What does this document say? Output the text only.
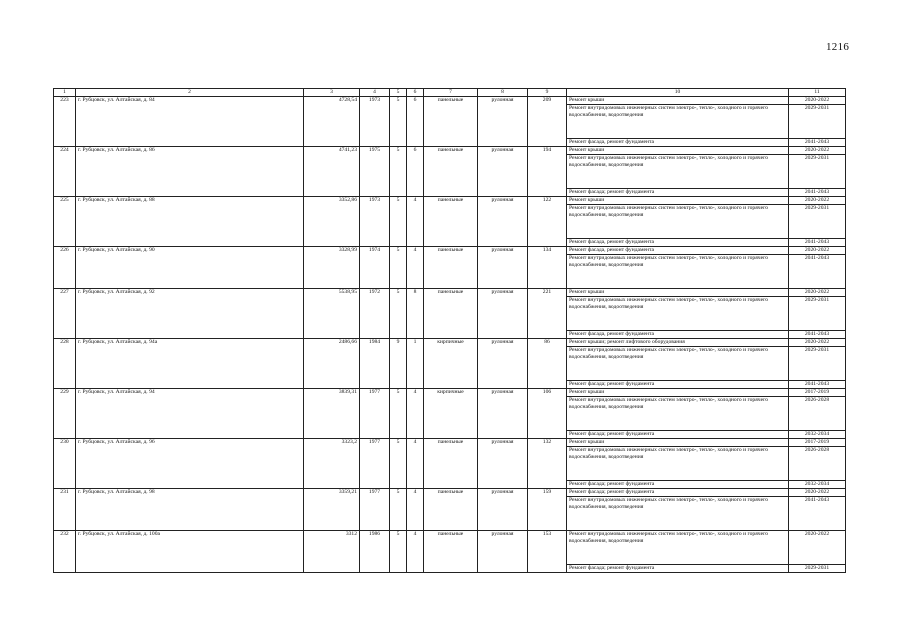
1216
1	2	3	4	5	6	7	8	9	10	11
223	г. Рубцовск, ул. Алтайская, д. 84	4728,54	1973	5	6	панельные	рулонная	209	Ремонт крыши	2020-2022
									Ремонт внутридомовых инженерных систем электро-, тепло-, холодного и горячего водоснабжения, водоотведения	2029-2031
									Ремонт фасада, ремонт фундамента	2041-2043
224	г. Рубцовск, ул. Алтайская, д. 86	4741,23	1975	5	6	панельные	рулонная	194	Ремонт крыши	2020-2022
									Ремонт внутридомовых инженерных систем электро-, тепло-, холодного и горячего водоснабжения, водоотведения	2029-2031
									Ремонт фасада; ремонт фундамента	2041-2043
225	г. Рубцовск, ул. Алтайская, д. 88	3352,86	1973	5	4	панельные	рулонная	122	Ремонт крыши	2020-2022
									Ремонт внутридомовых инженерных систем электро-, тепло-, холодного и горячего водоснабжения, водоотведения	2029-2031
									Ремонт фасада, ремонт фундамента	2041-2043
226	г. Рубцовск, ул. Алтайская, д. 90	3328,99	1974	5	4	панельные	рулонная	134	Ремонт фасада, ремонт фундамента	2020-2022
									Ремонт внутридомовых инженерных систем электро-, тепло-, холодного и горячего водоснабжения, водоотведения	2041-2043
227	г. Рубцовск, ул. Алтайская, д. 92	5538,95	1972	5	8	панельные	рулонная	221	Ремонт крыши	2020-2022
									Ремонт внутридомовых инженерных систем электро-, тепло-, холодного и горячего водоснабжения, водоотведения	2029-2031
									Ремонт фасада, ремонт фундамента	2041-2043
228	г. Рубцовск, ул. Алтайская, д. 94а	2486,66	1984	9	1	кирпичные	рулонная	86	Ремонт крыши; ремонт лифтового оборудования	2020-2022
									Ремонт внутридомовых инженерных систем электро-, тепло-, холодного и горячего водоснабжения, водоотведения	2029-2031
									Ремонт фасада; ремонт фундамента	2041-2043
229	г. Рубцовск, ул. Алтайская, д. 94	3839,31	1977	5	4	кирпичные	рулонная	106	Ремонт крыши	2017-2019
									Ремонт внутридомовых инженерных систем электро-, тепло-, холодного и горячего водоснабжения, водоотведения	2026-2028
									Ремонт фасада; ремонт фундамента	2032-2034
230	г. Рубцовск, ул. Алтайская, д. 96	3323,2	1977	5	4	панельные	рулонная	132	Ремонт крыши	2017-2019
									Ремонт внутридомовых инженерных систем электро-, тепло-, холодного и горячего водоснабжения, водоотведения	2026-2028
									Ремонт фасада; ремонт фундамента	2032-2034
231	г. Рубцовск, ул. Алтайская, д. 98	3359,21	1977	5	4	панельные	рулонная	159	Ремонт фасада; ремонт фундамента	2020-2022
									Ремонт внутридомовых инженерных систем электро-, тепло-, холодного и горячего водоснабжения, водоотведения	2041-2043
232	г. Рубцовск, ул. Алтайская, д. 100а	3312	1986	5	4	панельные	рулонная	153	Ремонт внутридомовых инженерных систем электро-, тепло-, холодного и горячего водоснабжения, водоотведения	2020-2022
									Ремонт фасада; ремонт фундамента	2029-2031
